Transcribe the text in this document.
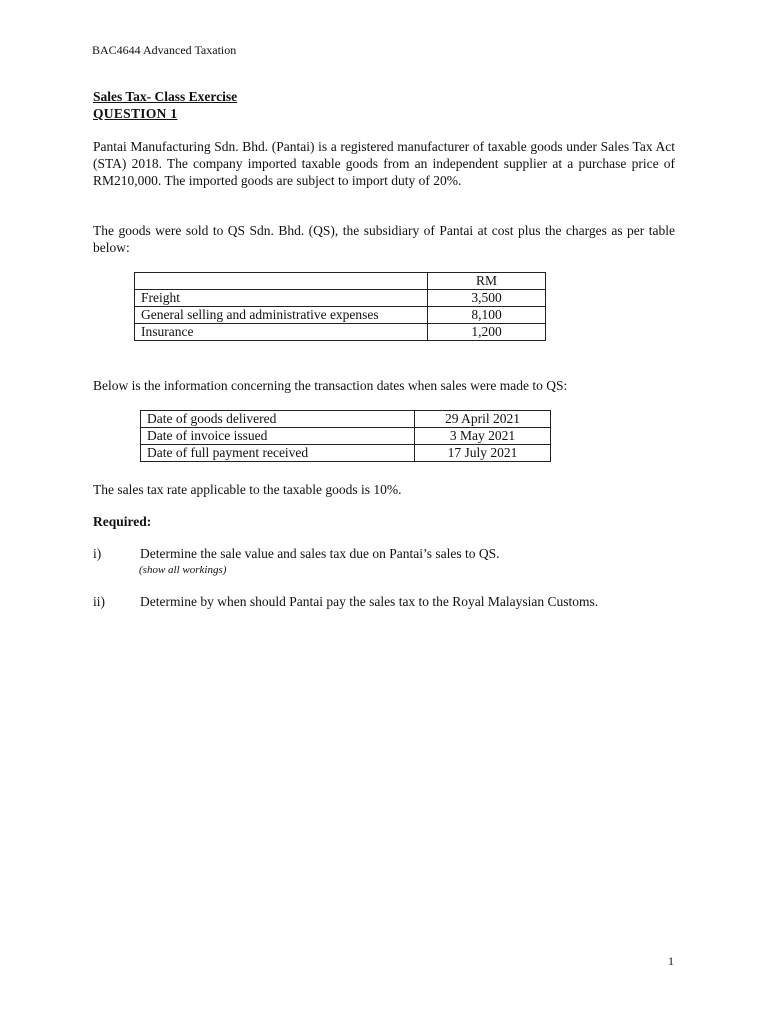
BAC4644 Advanced Taxation
Sales Tax- Class Exercise
QUESTION 1
Pantai Manufacturing Sdn. Bhd. (Pantai) is a registered manufacturer of taxable goods under Sales Tax Act (STA) 2018. The company imported taxable goods from an independent supplier at a purchase price of RM210,000. The imported goods are subject to import duty of 20%.
The goods were sold to QS Sdn. Bhd. (QS), the subsidiary of Pantai at cost plus the charges as per table below:
	RM
Freight	3,500
General selling and administrative expenses	8,100
Insurance	1,200
Below is the information concerning the transaction dates when sales were made to QS:
Date of goods delivered	29 April 2021
Date of invoice issued	3 May 2021
Date of full payment received	17 July 2021
The sales tax rate applicable to the taxable goods is 10%.
Required:
i)	Determine the sale value and sales tax due on Pantai’s sales to QS.
(show all workings)
ii)	Determine by when should Pantai pay the sales tax to the Royal Malaysian Customs.
1
